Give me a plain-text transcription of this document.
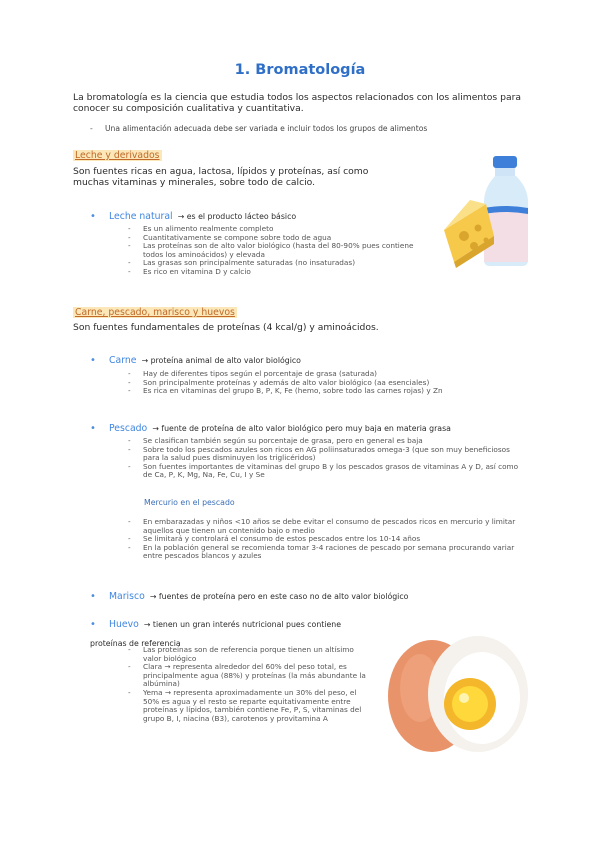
1. Bromatología
La bromatología es la ciencia que estudia todos los aspectos relacionados con los alimentos para conocer su composición cualitativa y cuantitativa.
- Una alimentación adecuada debe ser variada e incluir todos los grupos de alimentos
Leche y derivados
Son fuentes ricas en agua, lactosa, lípidos y proteínas, así como muchas vitaminas y minerales, sobre todo de calcio.
• Leche natural → es el producto lácteo básico
- Es un alimento realmente completo
- Cuantitativamente se compone sobre todo de agua
- Las proteínas son de alto valor biológico (hasta del 80-90% pues contiene todos los aminoácidos) y elevada
- Las grasas son principalmente saturadas (no insaturadas)
- Es rico en vitamina D y calcio
Carne, pescado, marisco y huevos
Son fuentes fundamentales de proteínas (4 kcal/g) y aminoácidos.
• Carne → proteína animal de alto valor biológico
- Hay de diferentes tipos según el porcentaje de grasa (saturada)
- Son principalmente proteínas y además de alto valor biológico (aa esenciales)
- Es rica en vitaminas del grupo B, P, K, Fe (hemo, sobre todo las carnes rojas) y Zn
• Pescado → fuente de proteína de alto valor biológico pero muy baja en materia grasa
- Se clasifican también según su porcentaje de grasa, pero en general es baja
- Sobre todo los pescados azules son ricos en AG poliinsaturados omega-3 (que son muy beneficiosos para la salud pues disminuyen los triglicéridos)
- Son fuentes importantes de vitaminas del grupo B y los pescados grasos de vitaminas A y D, así como de Ca, P, K, Mg, Na, Fe, Cu, I y Se
Mercurio en el pescado
- En embarazadas y niños <10 años se debe evitar el consumo de pescados ricos en mercurio y limitar aquellos que tienen un contenido bajo o medio
- Se limitará y controlará el consumo de estos pescados entre los 10-14 años
- En la población general se recomienda tomar 3-4 raciones de pescado por semana procurando variar entre pescados blancos y azules
• Marisco → fuentes de proteína pero en este caso no de alto valor biológico
• Huevo → tienen un gran interés nutricional pues contiene proteínas de referencia
- Las proteínas son de referencia porque tienen un altísimo valor biológico
- Clara → representa alrededor del 60% del peso total, es principalmente agua (88%) y proteínas (la más abundante la albúmina)
- Yema → representa aproximadamente un 30% del peso, el 50% es agua y el resto se reparte equitativamente entre proteínas y lípidos, también contiene Fe, P, S, vitaminas del grupo B, I, niacina (B3), carotenos y provitamina A
